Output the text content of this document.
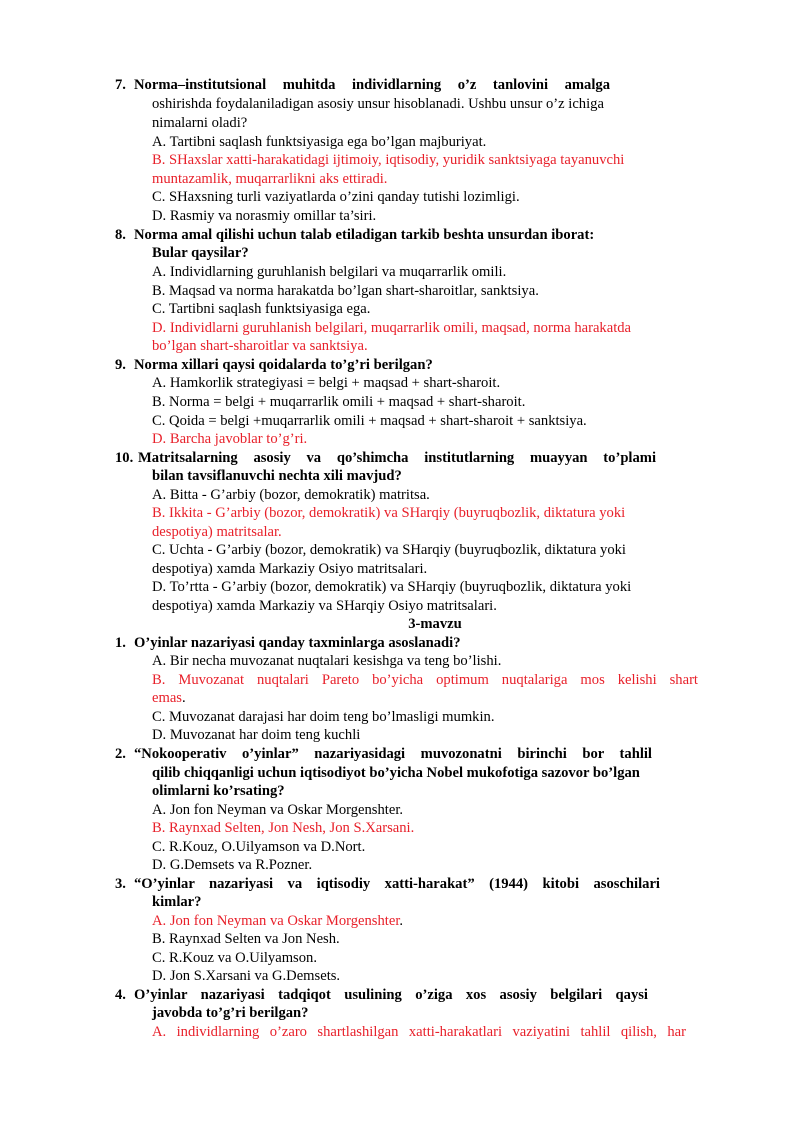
7. Norma–institutsional muhitda individlarning o’z tanlovini amalga
oshirishda foydalaniladigan asosiy unsur hisoblanadi. Ushbu unsur o’z ichiga
nimalarni oladi?
A. Tartibni saqlash funktsiyasiga ega bo’lgan majburiyat.
B. SHaxslar xatti-harakatidagi ijtimoiy, iqtisodiy, yuridik sanktsiyaga tayanuvchi
muntazamlik, muqarrarlikni aks ettiradi.
C. SHaxsning turli vaziyatlarda o’zini qanday tutishi lozimligi.
D. Rasmiy va norasmiy omillar ta’siri.
8. Norma amal qilishi uchun talab etiladigan tarkib beshta unsurdan iborat:
Bular qaysilar?
A. Individlarning guruhlanish belgilari va muqarrarlik omili.
B. Maqsad va norma harakatda bo’lgan shart-sharoitlar, sanktsiya.
C. Tartibni saqlash funktsiyasiga ega.
D. Individlarni guruhlanish belgilari, muqarrarlik omili, maqsad, norma harakatda
bo’lgan shart-sharoitlar va sanktsiya.
9. Norma xillari qaysi qoidalarda to’g’ri berilgan?
A. Hamkorlik strategiyasi = belgi + maqsad + shart-sharoit.
B. Norma = belgi + muqarrarlik omili + maqsad + shart-sharoit.
C. Qoida = belgi +muqarrarlik omili + maqsad + shart-sharoit + sanktsiya.
D. Barcha javoblar to’g’ri.
10. Matritsalarning asosiy va qo’shimcha institutlarning muayyan to’plami
bilan tavsiflanuvchi nechta xili mavjud?
A. Bitta - G’arbiy (bozor, demokratik) matritsa.
B. Ikkita - G’arbiy (bozor, demokratik) va SHarqiy (buyruqbozlik, diktatura yoki
despotiya) matritsalar.
C. Uchta - G’arbiy (bozor, demokratik) va SHarqiy (buyruqbozlik, diktatura yoki
despotiya) xamda Markaziy Osiyo matritsalari.
D. To’rtta - G’arbiy (bozor, demokratik) va SHarqiy (buyruqbozlik, diktatura yoki
despotiya) xamda Markaziy va SHarqiy Osiyo matritsalari.
3-mavzu
1. O’yinlar nazariyasi qanday taxminlarga asoslanadi?
A. Bir necha muvozanat nuqtalari kesishga va teng bo’lishi.
B. Muvozanat nuqtalari Pareto bo’yicha optimum nuqtalariga mos kelishi shart
emas.
C. Muvozanat darajasi har doim teng bo’lmasligi mumkin.
D. Muvozanat har doim teng kuchli
2. “Nokooperativ o’yinlar” nazariyasidagi muvozonatni birinchi bor tahlil
qilib chiqqanligi uchun iqtisodiyot bo’yicha Nobel mukofotiga sazovor bo’lgan
olimlarni ko’rsating?
A. Jon fon Neyman va Oskar Morgenshter.
B. Raynxad Selten, Jon Nesh, Jon S.Xarsani.
C. R.Kouz, O.Uilyamson va D.Nort.
D. G.Demsets va R.Pozner.
3. “O’yinlar nazariyasi va iqtisodiy xatti-harakat” (1944) kitobi asoschilari
kimlar?
A. Jon fon Neyman va Oskar Morgenshter.
B. Raynxad Selten va Jon Nesh.
C. R.Kouz va O.Uilyamson.
D. Jon S.Xarsani va G.Demsets.
4. O’yinlar nazariyasi tadqiqot usulining o’ziga xos asosiy belgilari qaysi
javobda to’g’ri berilgan?
A. individlarning o’zaro shartlashilgan xatti-harakatlari vaziyatini tahlil qilish, har
